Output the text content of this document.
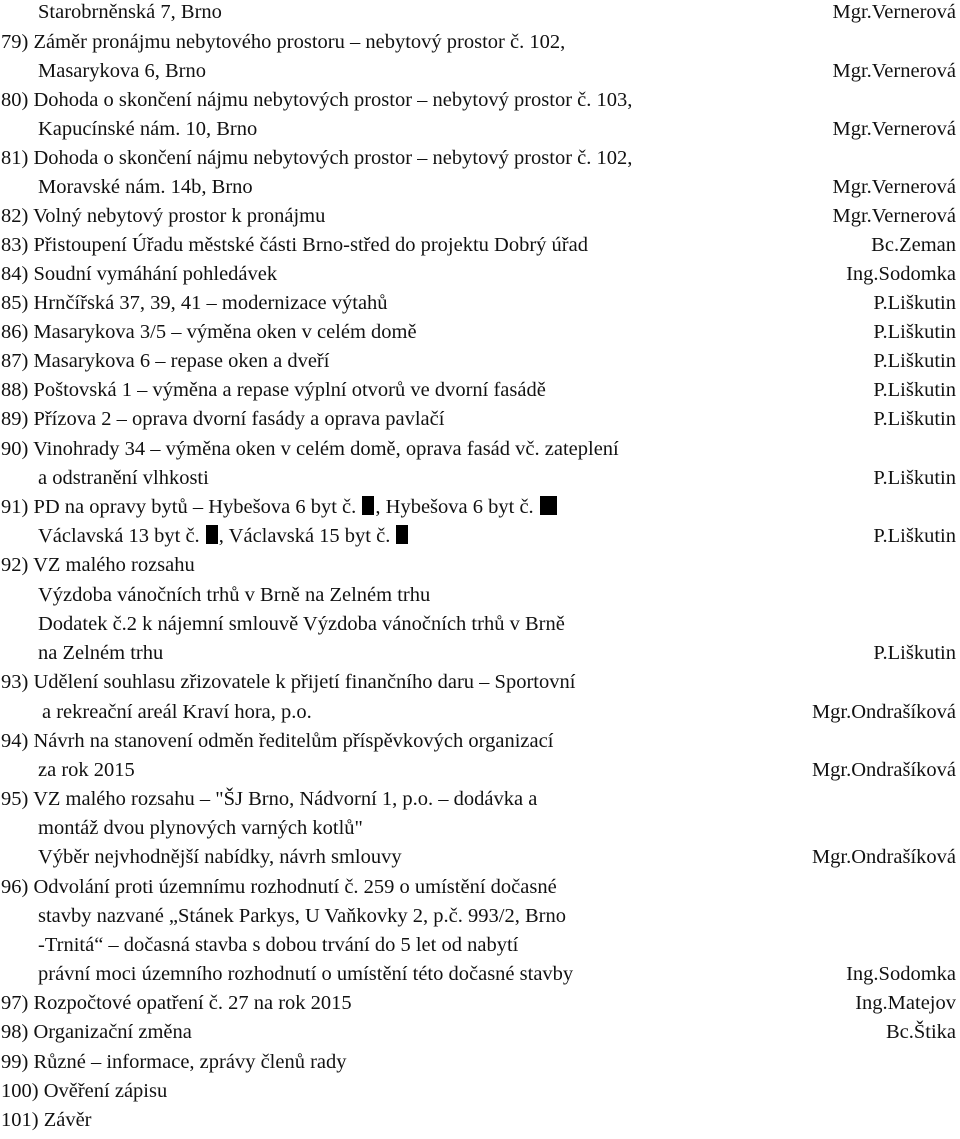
Starobrněnská 7, Brno	Mgr.Vernerová
79) Záměr pronájmu nebytového prostoru – nebytový prostor č. 102,
Masarykova 6, Brno	Mgr.Vernerová
80) Dohoda o skončení nájmu nebytových prostor – nebytový prostor č. 103,
Kapucínské nám. 10, Brno	Mgr.Vernerová
81) Dohoda o skončení nájmu nebytových prostor – nebytový prostor č. 102,
Moravské nám. 14b, Brno	Mgr.Vernerová
82) Volný nebytový prostor k pronájmu	Mgr.Vernerová
83) Přistoupení Úřadu městské části Brno-střed do projektu Dobrý úřad	Bc.Zeman
84) Soudní vymáhání pohledávek	Ing.Sodomka
85) Hrnčířská 37, 39, 41 – modernizace výtahů	P.Liškutin
86) Masarykova 3/5 – výměna oken v celém domě	P.Liškutin
87) Masarykova 6 – repase oken a dveří	P.Liškutin
88) Poštovská 1 – výměna a repase výplní otvorů ve dvorní fasádě	P.Liškutin
89) Přízova 2 – oprava dvorní fasády a oprava pavlačí	P.Liškutin
90) Vinohrady 34 – výměna oken v celém domě, oprava fasád vč. zateplení
a odstranění vlhkosti	P.Liškutin
91) PD na opravy bytů – Hybešova 6 byt č. , Hybešova 6 byt č.
Václavská 13 byt č. , Václavská 15 byt č.	P.Liškutin
92) VZ malého rozsahu
Výzdoba vánočních trhů v Brně na Zelném trhu
Dodatek č.2 k nájemní smlouvě Výzdoba vánočních trhů v Brně
na Zelném trhu	P.Liškutin
93) Udělení souhlasu zřizovatele k přijetí finančního daru – Sportovní
a rekreační areál Kraví hora, p.o.	Mgr.Ondrašíková
94) Návrh na stanovení odměn ředitelům příspěvkových organizací
za rok 2015	Mgr.Ondrašíková
95) VZ malého rozsahu – "ŠJ Brno, Nádvorní 1, p.o. – dodávka a
montáž dvou plynových varných kotlů"
Výběr nejvhodnější nabídky, návrh smlouvy	Mgr.Ondrašíková
96) Odvolání proti územnímu rozhodnutí č. 259 o umístění dočasné
stavby nazvané „Stánek Parkys, U Vaňkovky 2, p.č. 993/2, Brno
-Trnitá“ – dočasná stavba s dobou trvání do 5 let od nabytí
právní moci územního rozhodnutí o umístění této dočasné stavby	Ing.Sodomka
97) Rozpočtové opatření č. 27 na rok 2015	Ing.Matejov
98) Organizační změna	Bc.Štika
99) Různé – informace, zprávy členů rady
100) Ověření zápisu
101) Závěr
